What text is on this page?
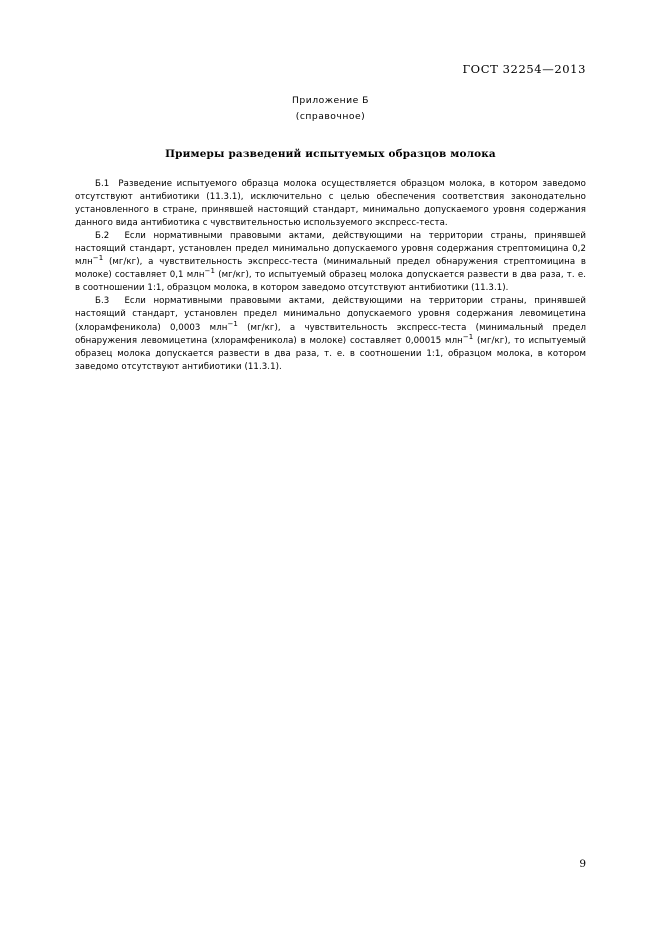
ГОСТ 32254—2013
Приложение Б
(справочное)
Примеры разведений испытуемых образцов молока

Б.1 Разведение испытуемого образца молока осуществляется образцом молока, в котором заведомо отсутствуют антибиотики (11.3.1), исключительно с целью обеспечения соответствия законодательно установленного в стране, принявшей настоящий стандарт, минимально допускаемого уровня содержания данного вида антибиотика с чувствительностью используемого экспресс-теста.

Б.2 Если нормативными правовыми актами, действующими на территории страны, принявшей настоящий стандарт, установлен предел минимально допускаемого уровня содержания стрептомицина 0,2 млн$^{-1}$ (мг/кг), а чувствительность экспресс-теста (минимальный предел обнаружения стрептомицина в молоке) составляет 0,1 млн$^{-1}$ (мг/кг), то испытуемый образец молока допускается развести в два раза, т. е. в соотношении 1:1, образцом молока, в котором заведомо отсутствуют антибиотики (11.3.1).

Б.3 Если нормативными правовыми актами, действующими на территории страны, принявшей настоящий стандарт, установлен предел минимально допускаемого уровня содержания левомицетина (хлорамфеникола) 0,0003 млн$^{-1}$ (мг/кг), а чувствительность экспресс-теста (минимальный предел обнаружения левомицетина (хлорамфеникола) в молоке) составляет 0,00015 млн$^{-1}$ (мг/кг), то испытуемый образец молока допускается развести в два раза, т. е. в соотношении 1:1, образцом молока, в котором заведомо отсутствуют антибиотики (11.3.1).

9
